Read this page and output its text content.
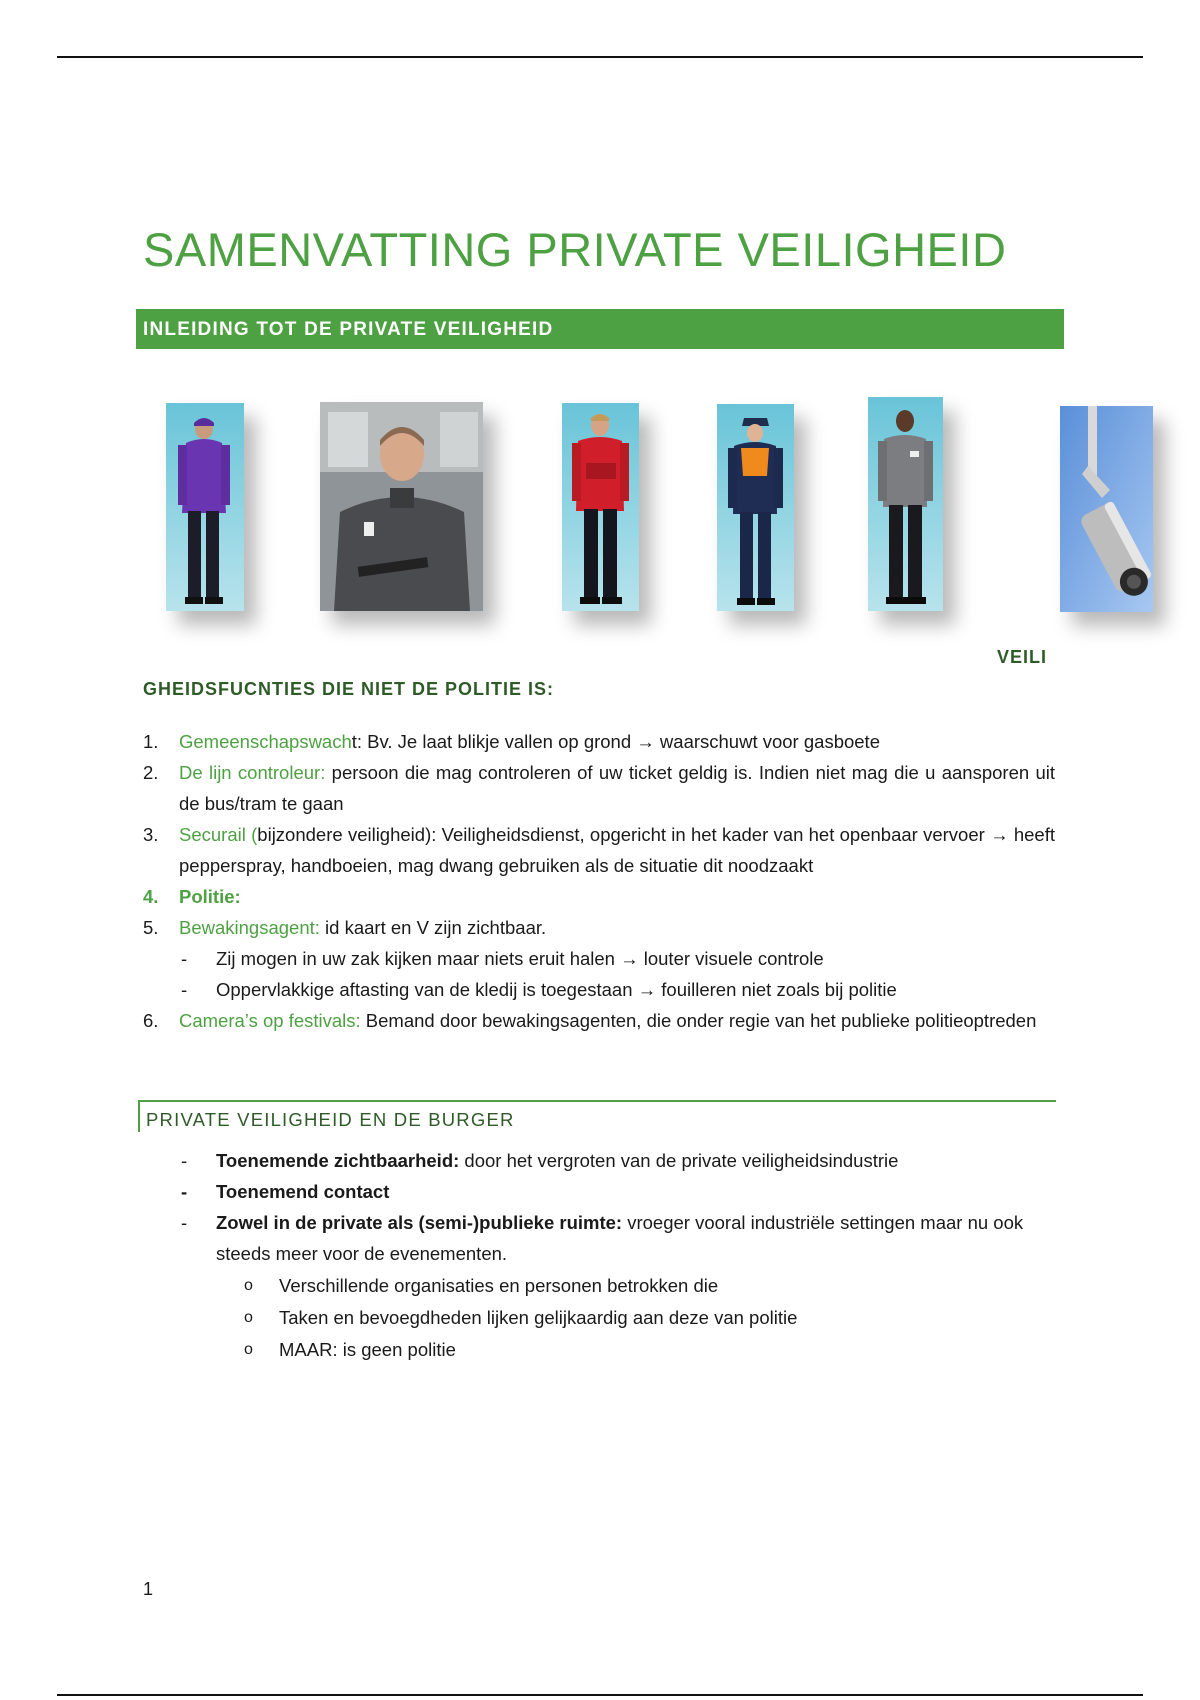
SAMENVATTING PRIVATE VEILIGHEID
INLEIDING TOT DE PRIVATE VEILIGHEID
VEILI
GHEIDSFUCNTIES DIE NIET DE POLITIE IS:
1. Gemeenschapswacht: Bv. Je laat blikje vallen op grond → waarschuwt voor gasboete
2. De lijn controleur: persoon die mag controleren of uw ticket geldig is. Indien niet mag die u aansporen uit de bus/tram te gaan
3. Securail (bijzondere veiligheid): Veiligheidsdienst, opgericht in het kader van het openbaar vervoer → heeft pepperspray, handboeien, mag dwang gebruiken als de situatie dit noodzaakt
4. Politie:
5. Bewakingsagent: id kaart en V zijn zichtbaar.
- Zij mogen in uw zak kijken maar niets eruit halen → louter visuele controle
- Oppervlakkige aftasting van de kledij is toegestaan → fouilleren niet zoals bij politie
6. Camera’s op festivals: Bemand door bewakingsagenten, die onder regie van het publieke politieoptreden
PRIVATE VEILIGHEID EN DE BURGER
- Toenemende zichtbaarheid: door het vergroten van de private veiligheidsindustrie
- Toenemend contact
- Zowel in de private als (semi-)publieke ruimte: vroeger vooral industriële settingen maar nu ook steeds meer voor de evenementen.
o Verschillende organisaties en personen betrokken die
o Taken en bevoegdheden lijken gelijkaardig aan deze van politie
o MAAR: is geen politie
1
